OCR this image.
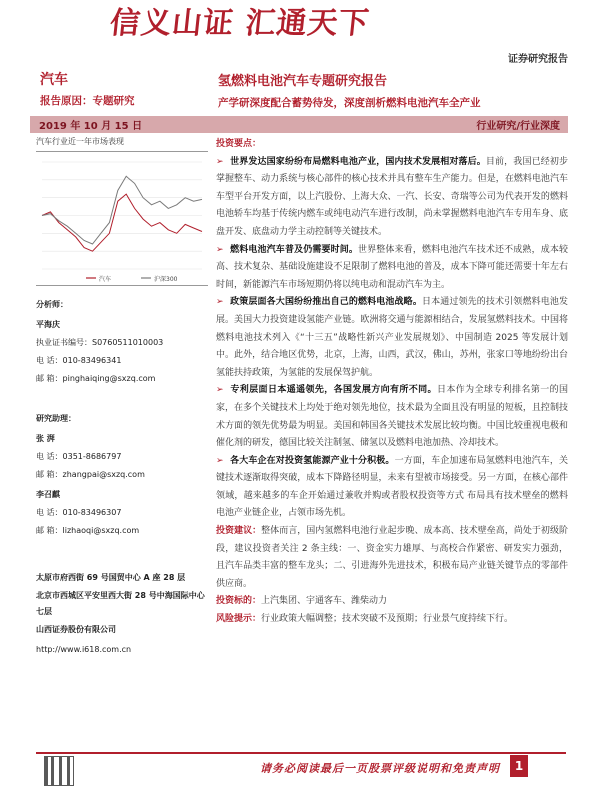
信义山证 汇通天下
证券研究报告
汽车
报告原因：专题研究
氢燃料电池汽车专题研究报告
产学研深度配合蓄势待发，深度剖析燃料电池汽车全产业
2019 年 10 月 15 日	行业研究/行业深度
汽车行业近一年市场表现
汽车	沪深300
分析师：
平海庆
执业证书编号：S0760511010003
电 话：010-83496341
邮 箱：pinghaiqing@sxzq.com
研究助理：
张 湃
电 话：0351-8686797
邮 箱：zhangpai@sxzq.com
李召麒
电 话：010-83496307
邮 箱：lizhaoqi@sxzq.com
太原市府西街 69 号国贸中心 A 座 28 层
北京市西城区平安里西大街 28 号中海国际中心七层
山西证券股份有限公司
http://www.i618.com.cn
投资要点：
➢ 世界发达国家纷纷布局燃料电池产业，国内技术发展相对落后。目前，我国已经初步掌握整车、动力系统与核心部件的核心技术并具有整车生产能力。但是，在燃料电池汽车车型平台开发方面，以上汽股份、上海大众、一汽、长安、奇瑞等公司为代表开发的燃料电池轿车均基于传统内燃车或纯电动汽车进行改制，尚未掌握燃料电池汽车专用车身、底盘开发、底盘动力学主动控制等关键技术。
➢ 燃料电池汽车普及仍需要时间。世界整体来看，燃料电池汽车技术还不成熟，成本较高、技术复杂、基础设施建设不足限制了燃料电池的普及，成本下降可能还需要十年左右时间，新能源汽车市场短期仍将以纯电动和混动汽车为主。
➢ 政策层面各大国纷纷推出自己的燃料电池战略。日本通过领先的技术引领燃料电池发展。美国大力投资建设氢能产业链。欧洲将交通与能源相结合，发展氢燃料技术。中国将燃料电池技术列入《“十三五”战略性新兴产业发展规划》、中国制造 2025 等发展计划中。此外，结合地区优势，北京，上海，山西，武汉，佛山，苏州，张家口等地纷纷出台氢能扶持政策，为氢能的发展保驾护航。
➢ 专利层面日本遥遥领先，各国发展方向有所不同。日本作为全球专利排名第一的国家，在多个关键技术上均处于绝对领先地位，技术最为全面且没有明显的短板，且控制技术方面的领先优势最为明显。美国和韩国各关键技术发展比较均衡。中国比较重视电极和催化剂的研发，德国比较关注制氢、储氢以及燃料电池加热、冷却技术。
➢ 各大车企在对投资氢能源产业十分积极。一方面，车企加速布局氢燃料电池汽车，关键技术逐渐取得突破，成本下降路径明显，未来有望被市场接受。另一方面，在核心部件领域，越来越多的车企开始通过兼收并购或者股权投资等方式 布局具有技术壁垒的燃料电池产业链企业，占领市场先机。
投资建议：整体而言，国内氢燃料电池行业起步晚、成本高、技术壁垒高，尚处于初级阶段，建议投资者关注 2 条主线：一、资金实力雄厚、与高校合作紧密、研发实力强劲，且汽车品类丰富的整车龙头；二、引进海外先进技术，积极布局产业链关键节点的零部件供应商。
投资标的：上汽集团、宇通客车、潍柴动力
风险提示：行业政策大幅调整；技术突破不及预期；行业景气度持续下行。
请务必阅读最后一页股票评级说明和免责声明	1
